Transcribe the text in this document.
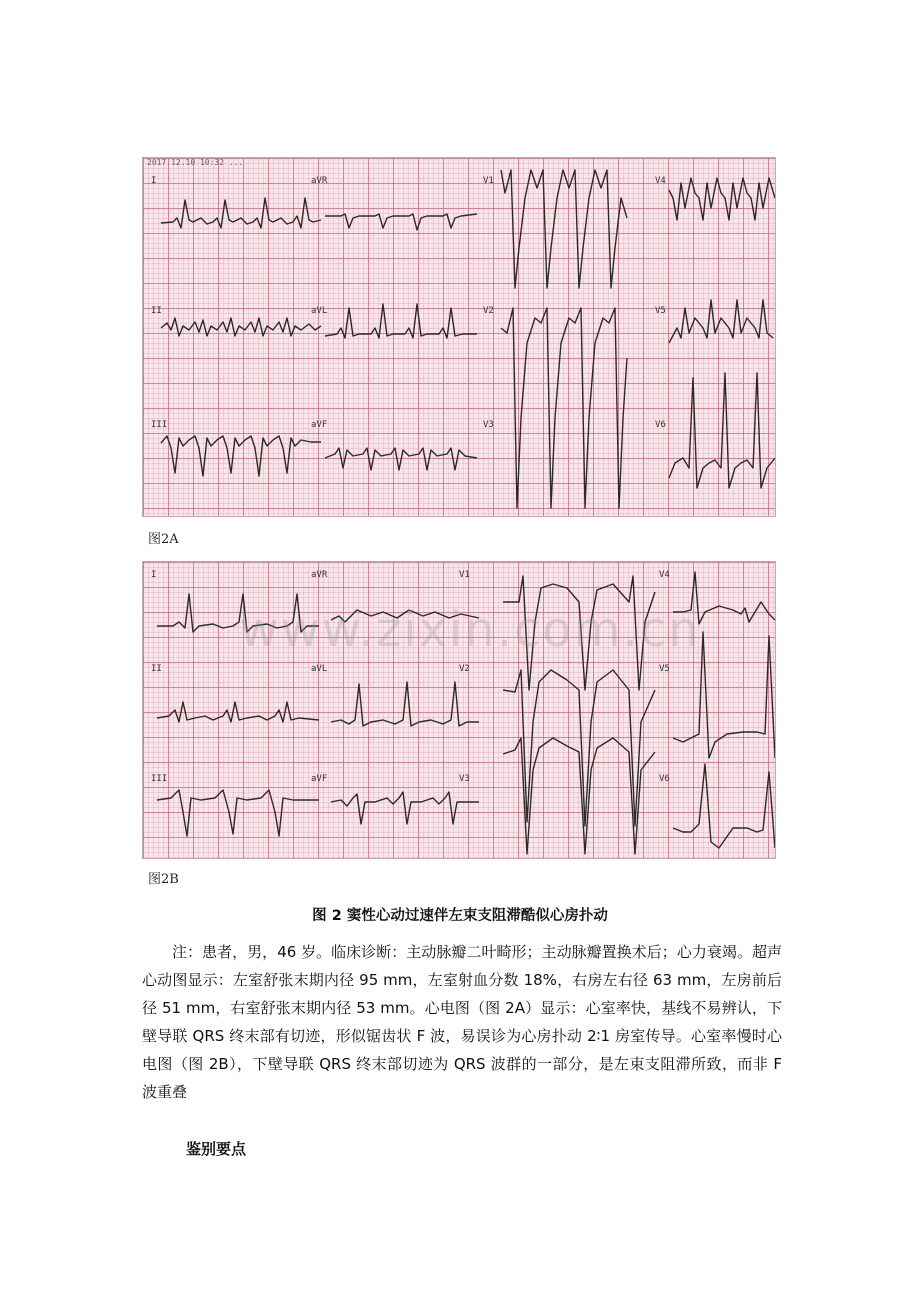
2017.12.10 10:32 ...
I	aVR	V1	V4
II	aVL	V2	V5
III	aVF	V3	V6
图2A
I	aVR	V1	V4
II	aVL	V2	V5
III	aVF	V3	V6
图2B
www.zixin.com.cn
图 2 窦性心动过速伴左束支阻滞酷似心房扑动
注：患者，男，46 岁。临床诊断：主动脉瓣二叶畸形；主动脉瓣置换术后；心力衰竭。超声心动图显示：左室舒张末期内径 95 mm，左室射血分数 18%，右房左右径 63 mm，左房前后径 51 mm，右室舒张末期内径 53 mm。心电图（图 2A）显示：心室率快，基线不易辨认，下壁导联 QRS 终末部有切迹，形似锯齿状 F 波，易误诊为心房扑动 2∶1 房室传导。心室率慢时心电图（图 2B），下壁导联 QRS 终末部切迹为 QRS 波群的一部分，是左束支阻滞所致，而非 F 波重叠
鉴别要点
